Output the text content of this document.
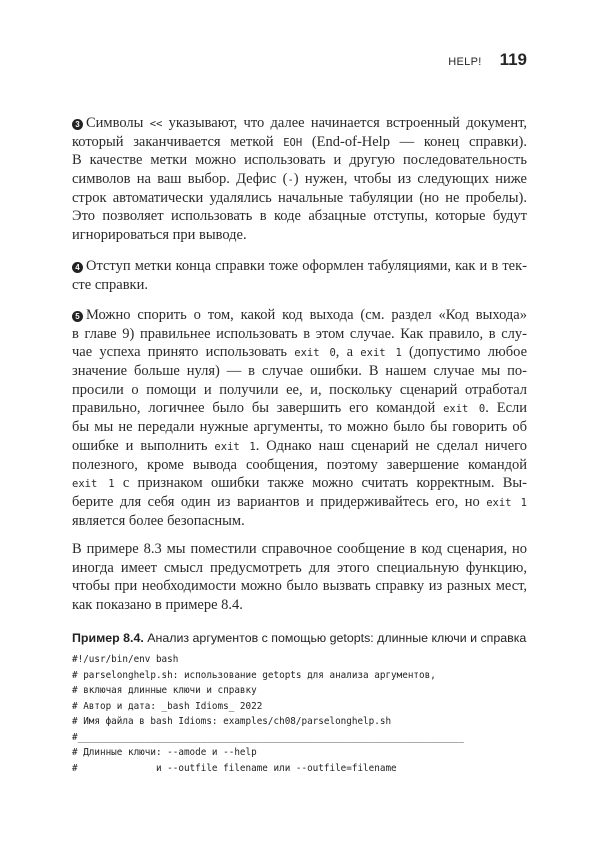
HELP! 119
3 Символы << указывают, что далее начинается встроенный документ,
который заканчивается меткой EOH (End-of-Help — конец справки).
В качестве метки можно использовать и другую последовательность
символов на ваш выбор. Дефис (-) нужен, чтобы из следующих ниже
строк автоматически удалялись начальные табуляции (но не пробелы).
Это позволяет использовать в коде абзацные отступы, которые будут
игнорироваться при выводе.
4 Отступ метки конца справки тоже оформлен табуляциями, как и в тек-
сте справки.
5 Можно спорить о том, какой код выхода (см. раздел «Код выхода»
в главе 9) правильнее использовать в этом случае. Как правило, в слу-
чае успеха принято использовать exit 0, а exit 1 (допустимо любое
значение больше нуля) — в случае ошибки. В нашем случае мы по-
просили о помощи и получили ее, и, поскольку сценарий отработал
правильно, логичнее было бы завершить его командой exit 0. Если
бы мы не передали нужные аргументы, то можно было бы говорить об
ошибке и выполнить exit 1. Однако наш сценарий не сделал ничего
полезного, кроме вывода сообщения, поэтому завершение командой
exit 1 с признаком ошибки также можно считать корректным. Вы-
берите для себя один из вариантов и придерживайтесь его, но exit 1
является более безопасным.
В примере 8.3 мы поместили справочное сообщение в код сценария, но
иногда имеет смысл предусмотреть для этого специальную функцию,
чтобы при необходимости можно было вызвать справку из разных мест,
как показано в примере 8.4.
Пример 8.4. Анализ аргументов с помощью getopts: длинные ключи и справка
#!/usr/bin/env bash
# parselonghelp.sh: использование getopts для анализа аргументов,
# включая длинные ключи и справку
# Автор и дата: _bash Idioms_ 2022
# Имя файла в bash Idioms: examples/ch08/parselonghelp.sh
#_____________________________________________________________________
# Длинные ключи: --amode и --help
#              и --outfile filename или --outfile=filename
